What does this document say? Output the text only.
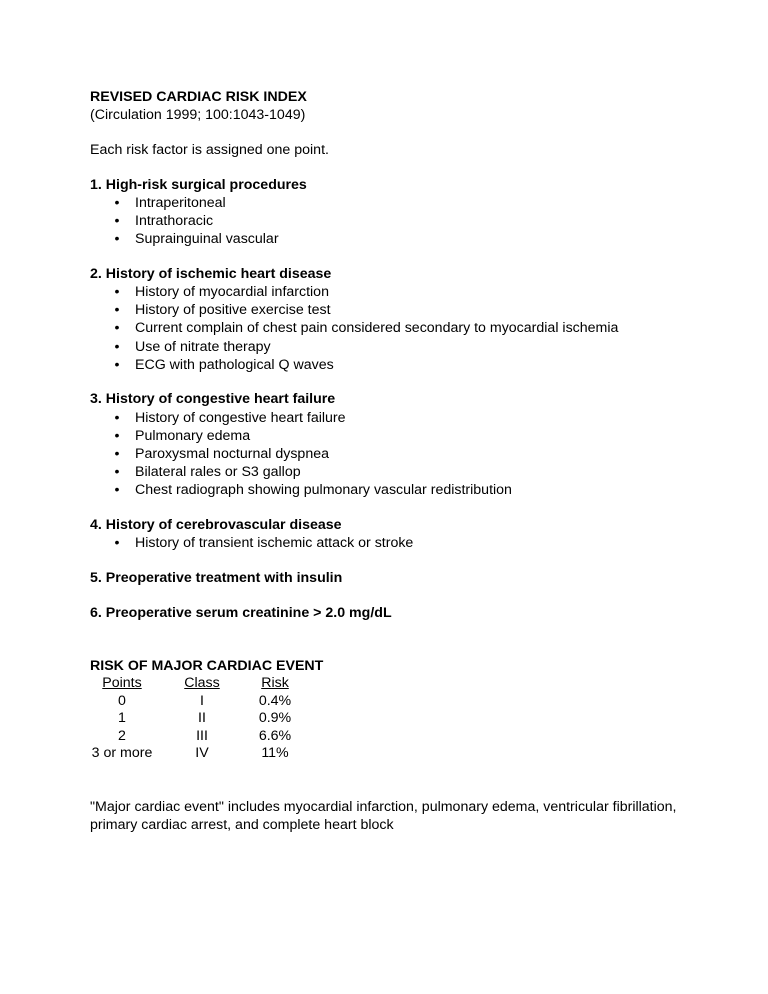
REVISED CARDIAC RISK INDEX
(Circulation 1999; 100:1043-1049)
Each risk factor is assigned one point.
1. High-risk surgical procedures
• Intraperitoneal
• Intrathoracic
• Suprainguinal vascular
2. History of ischemic heart disease
• History of myocardial infarction
• History of positive exercise test
• Current complain of chest pain considered secondary to myocardial ischemia
• Use of nitrate therapy
• ECG with pathological Q waves
3. History of congestive heart failure
• History of congestive heart failure
• Pulmonary edema
• Paroxysmal nocturnal dyspnea
• Bilateral rales or S3 gallop
• Chest radiograph showing pulmonary vascular redistribution
4. History of cerebrovascular disease
• History of transient ischemic attack or stroke
5. Preoperative treatment with insulin
6. Preoperative serum creatinine > 2.0 mg/dL
RISK OF MAJOR CARDIAC EVENT
Points	Class	Risk
0	I	0.4%
1	II	0.9%
2	III	6.6%
3 or more	IV	11%
"Major cardiac event" includes myocardial infarction, pulmonary edema, ventricular fibrillation, primary cardiac arrest, and complete heart block
